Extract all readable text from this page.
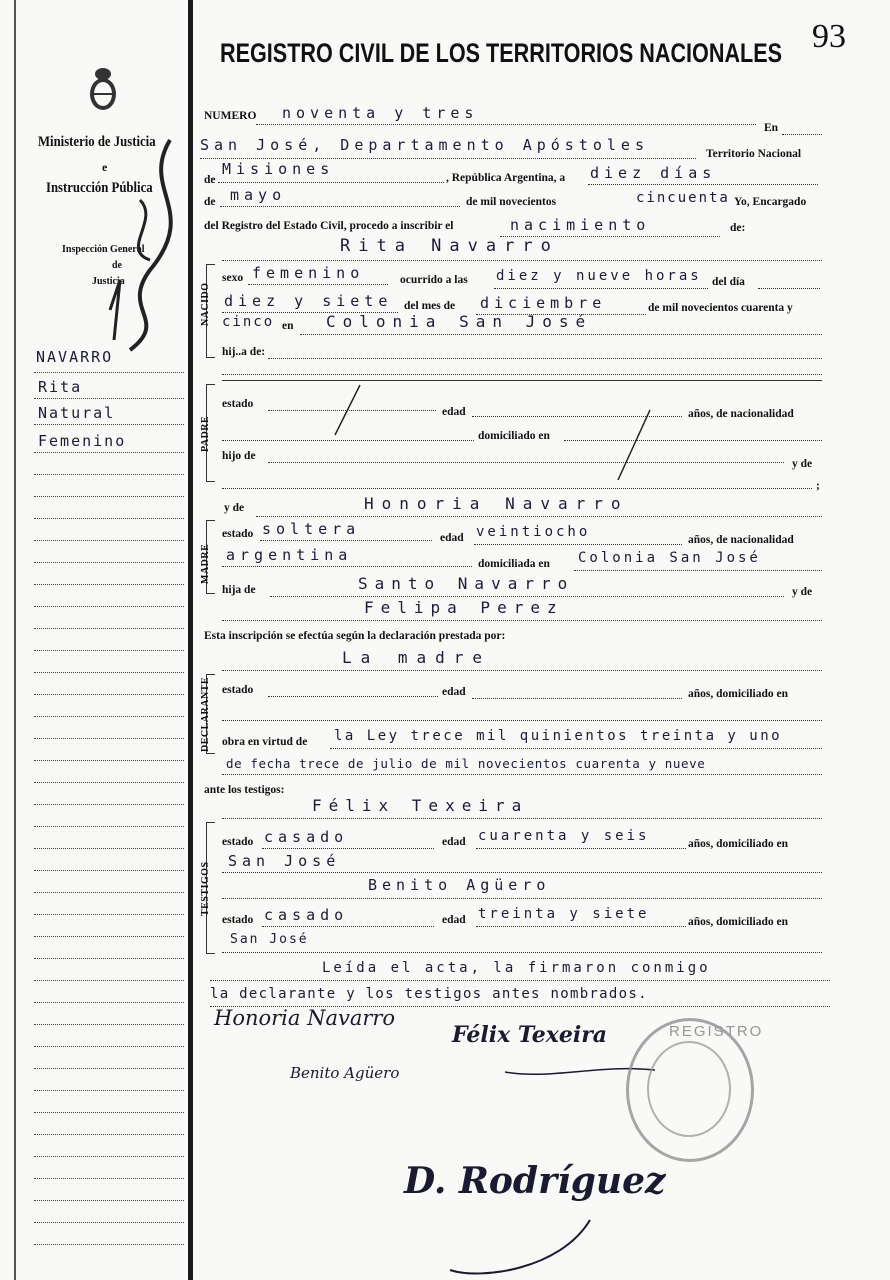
Ministerio de Justicia
e
Instrucción Pública
Inspección General
de
Justicia
NAVARRO
Rita
Natural
Femenino
93
REGISTRO CIVIL DE LOS TERRITORIOS NACIONALES
NUMERO noventa y tres
En
San José, Departamento Apóstoles	Territorio Nacional
de
Misiones	, República Argentina, a diez días
de mayo	de mil novecientos	cincuenta Yo, Encargado
del Registro del Estado Civil, procedo a inscribir el	nacimiento	de:
Rita Navarro
NACIDO
sexo femenino	ocurrido a las diez y nueve horas del día
diez y siete del mes de diciembre	de mil novecientos cuarenta y
cinco en Colonia San José
hij..a de:
PADRE
estado
edad	años, de nacionalidad
domiciliado en
hijo de
y de
;
y de	Honoria Navarro
MADRE
estado soltera	edad veintiocho	años, de nacionalidad
argentina	domiciliada en Colonia San José
hija de	Santo Navarro	y de
Felipa Perez
Esta inscripción se efectúa según la declaración prestada por:
La madre
DECLARANTE estado	edad	años, domiciliado en
obra en virtud de la Ley trece mil quinientos treinta y uno
de fecha trece de julio de mil novecientos cuarenta y nueve
ante los testigos:
Félix Texeira
TESTIGOS
estado casado	edad cuarenta y seis	años, domiciliado en
San José
Benito Agüero
estado casado	edad treinta y siete	años, domiciliado en
San José
Leída el acta, la firmaron conmigo
la declarante y los testigos antes nombrados.
Honoria Navarro
Félix Texeira
Benito Agüero
REGISTRO
D. Rodríguez
